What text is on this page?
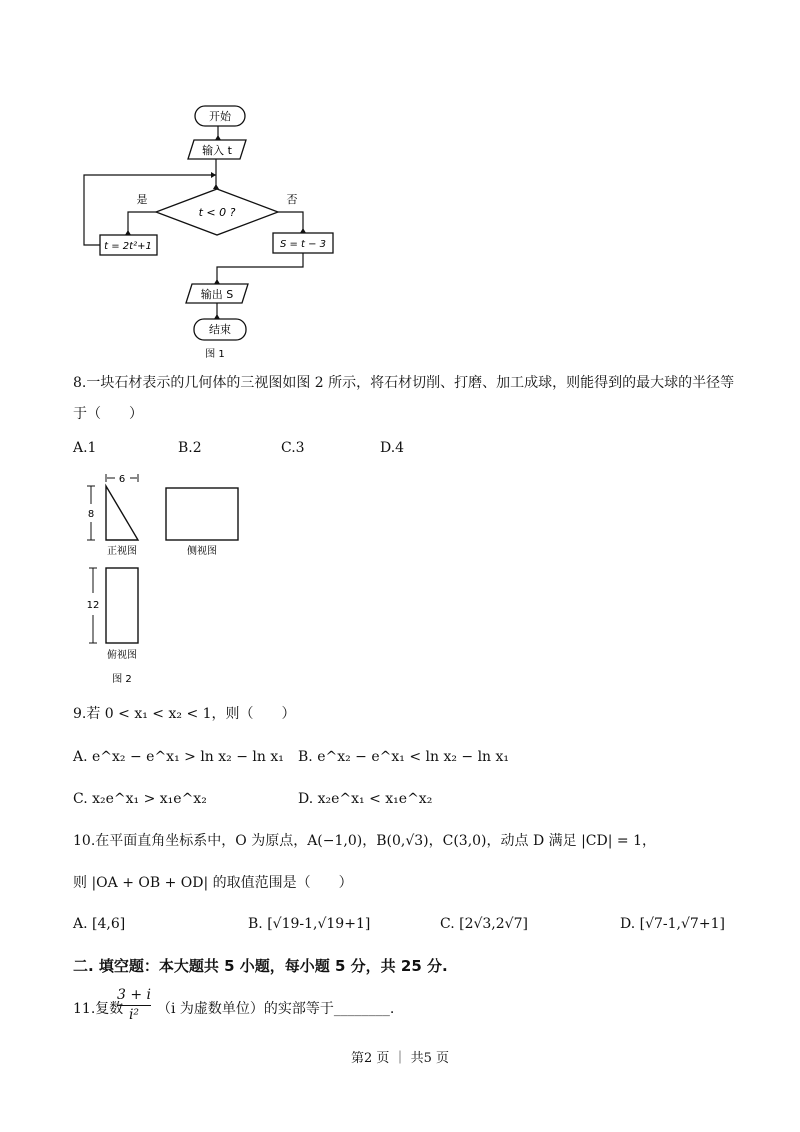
开始
输入 t
t < 0 ?
是	否
t = 2t²+1	S = t − 3
输出 S
结束
图 1
8.一块石材表示的几何体的三视图如图 2 所示，将石材切削、打磨、加工成球，则能得到的最大球的半径等
于（　　）
A.1	B.2	C.3	D.4
6
8
12
正视图	侧视图
俯视图
图 2
9.若 0 < x₁ < x₂ < 1，则（　　）
A. e^x₂ − e^x₁ > ln x₂ − ln x₁ B. e^x₂ − e^x₁ < ln x₂ − ln x₁
C. x₂e^x₁ > x₁e^x₂	D. x₂e^x₁ < x₁e^x₂
10.在平面直角坐标系中，O 为原点，A(−1,0)，B(0,√3)，C(3,0)，动点 D 满足 |CD| = 1，
则 |OA + OB + OD| 的取值范围是（　　）
A. [4,6]	B. [√19-1,√19+1]	C. [2√3,2√7]	D. [√7-1,√7+1]
二. 填空题：本大题共 5 小题，每小题 5 分，共 25 分.
11.复数
$\frac{3 + i}{\text{i²}} (i$ 为虚数单位）的实部等于________.
第2 页 ｜ 共5 页
